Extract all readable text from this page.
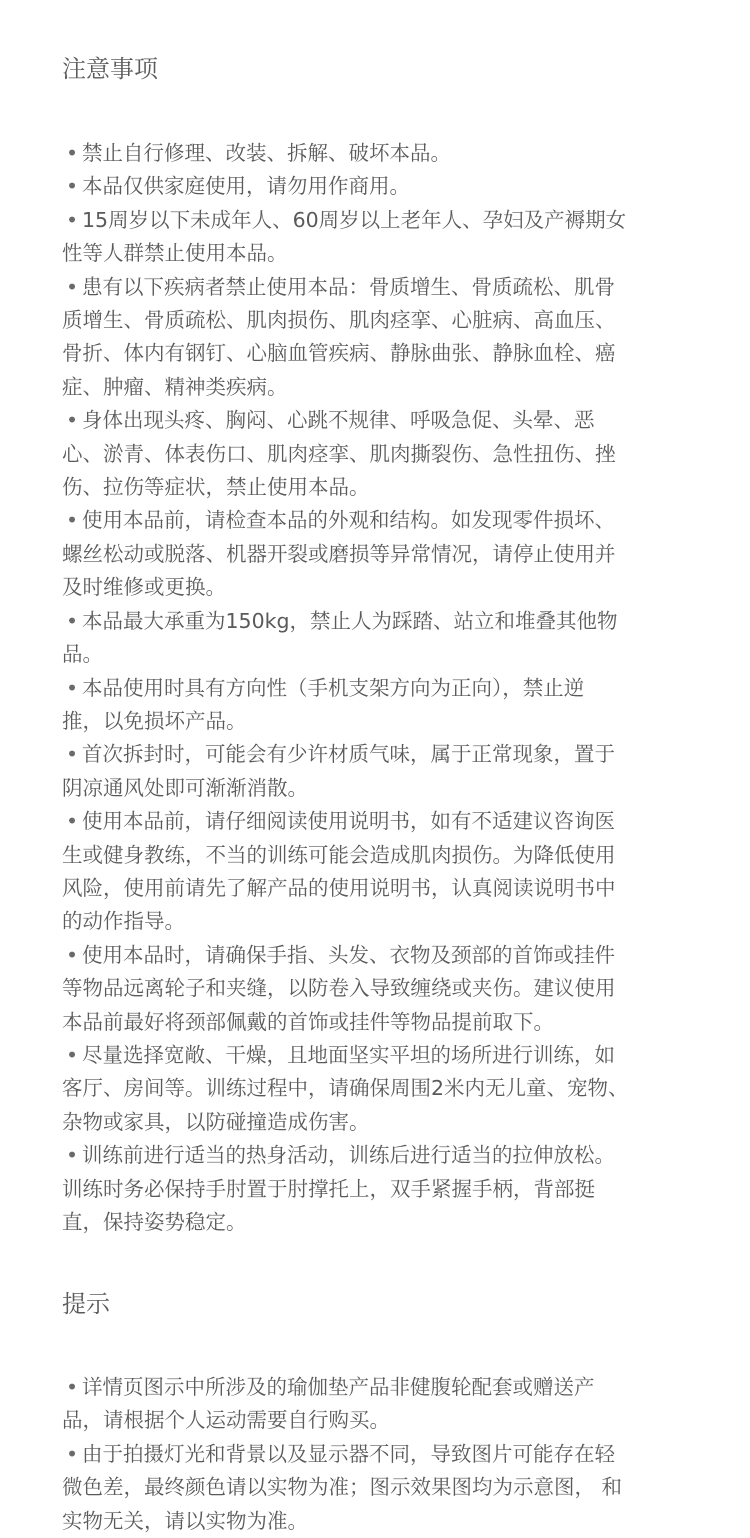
注意事项
• 禁止自行修理、改装、拆解、破坏本品。
• 本品仅供家庭使用，请勿用作商用。
• 15周岁以下未成年人、60周岁以上老年人、孕妇及产褥期女
性等人群禁止使用本品。
• 患有以下疾病者禁止使用本品：骨质增生、骨质疏松、肌骨
质增生、骨质疏松、肌肉损伤、肌肉痉挛、心脏病、高血压、
骨折、体内有钢钉、心脑血管疾病、静脉曲张、静脉血栓、癌
症、肿瘤、精神类疾病。
• 身体出现头疼、胸闷、心跳不规律、呼吸急促、头晕、恶
心、淤青、体表伤口、肌肉痉挛、肌肉撕裂伤、急性扭伤、挫
伤、拉伤等症状，禁止使用本品。
• 使用本品前，请检查本品的外观和结构。如发现零件损坏、
螺丝松动或脱落、机器开裂或磨损等异常情况，请停止使用并
及时维修或更换。
• 本品最大承重为150kg，禁止人为踩踏、站立和堆叠其他物
品。
• 本品使用时具有方向性（手机支架方向为正向），禁止逆
推，以免损坏产品。
• 首次拆封时，可能会有少许材质气味，属于正常现象，置于
阴凉通风处即可渐渐消散。
• 使用本品前，请仔细阅读使用说明书，如有不适建议咨询医
生或健身教练，不当的训练可能会造成肌肉损伤。为降低使用
风险，使用前请先了解产品的使用说明书，认真阅读说明书中
的动作指导。
• 使用本品时，请确保手指、头发、衣物及颈部的首饰或挂件
等物品远离轮子和夹缝，以防卷入导致缠绕或夹伤。建议使用
本品前最好将颈部佩戴的首饰或挂件等物品提前取下。
• 尽量选择宽敞、干燥，且地面坚实平坦的场所进行训练，如
客厅、房间等。训练过程中，请确保周围2米内无儿童、宠物、
杂物或家具，以防碰撞造成伤害。
• 训练前进行适当的热身活动，训练后进行适当的拉伸放松。
训练时务必保持手肘置于肘撑托上，双手紧握手柄，背部挺
直，保持姿势稳定。
提示
• 详情页图示中所涉及的瑜伽垫产品非健腹轮配套或赠送产
品，请根据个人运动需要自行购买。
• 由于拍摄灯光和背景以及显示器不同，导致图片可能存在轻
微色差，最终颜色请以实物为准；图示效果图均为示意图， 和
实物无关，请以实物为准。
